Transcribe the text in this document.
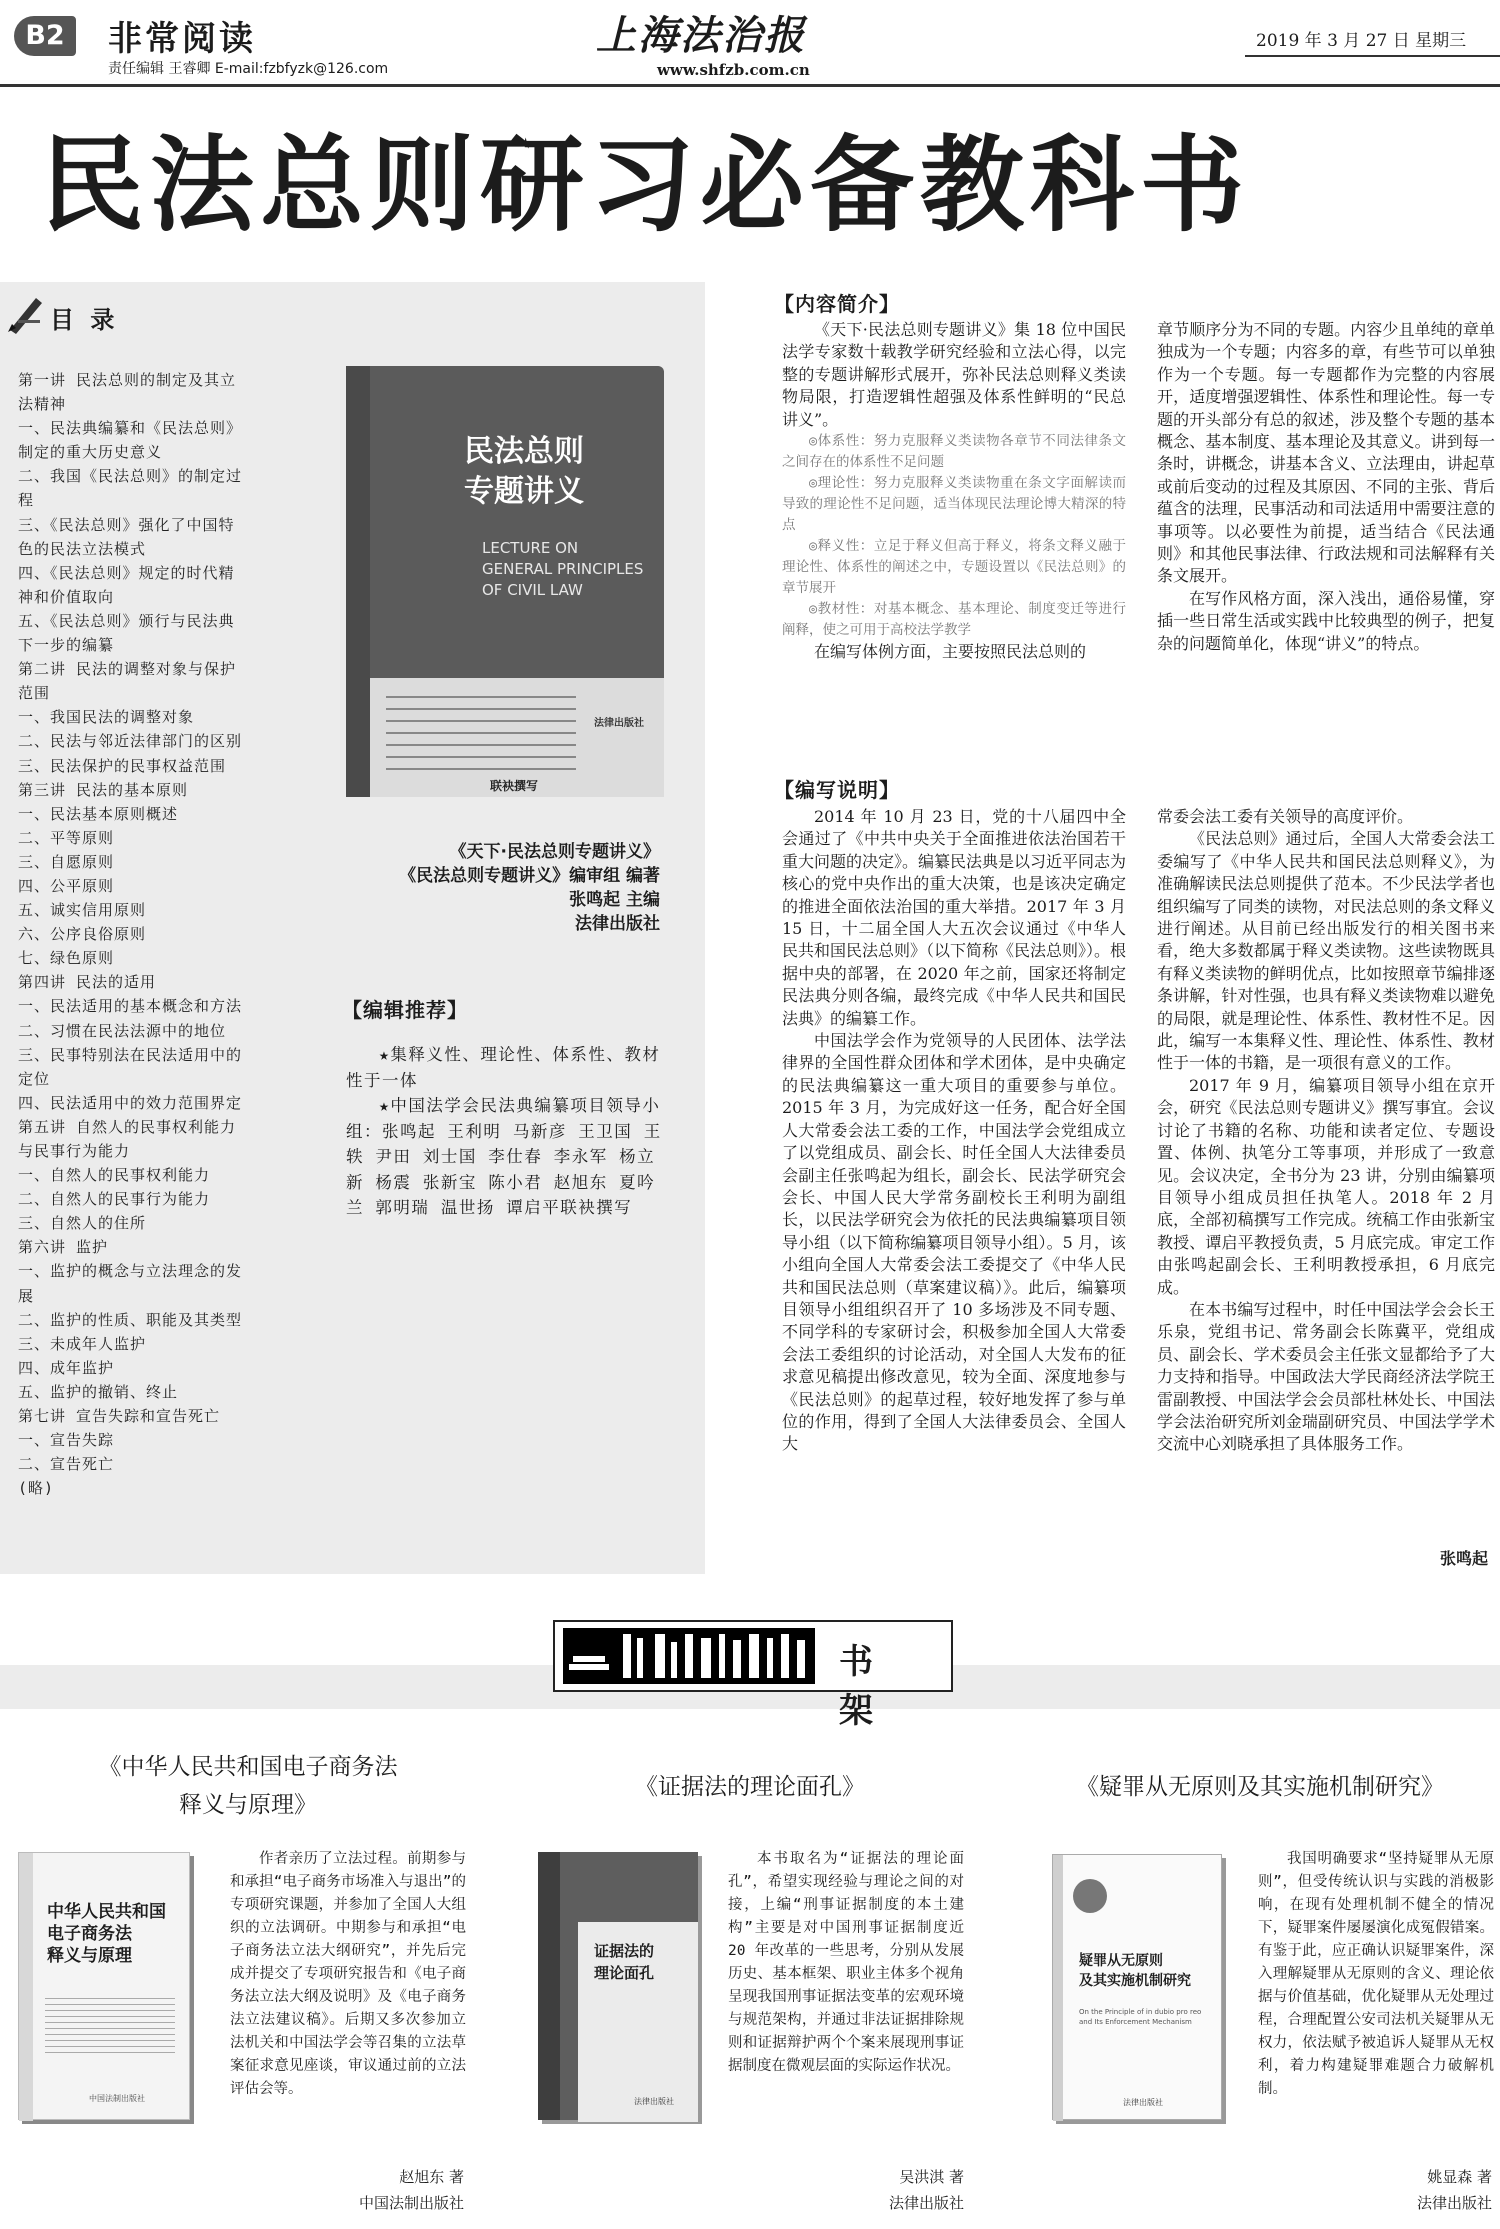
B2	非常阅读
责任编辑 王睿卿 E-mail:fzbfyzk@126.com
上海法治报
www.shfzb.com.cn
2019 年 3 月 27 日 星期三
民法总则研习必备教科书
目 录
第一讲 民法总则的制定及其立
法精神
一、民法典编纂和《民法总则》
制定的重大历史意义
二、我国《民法总则》的制定过
程
三、《民法总则》强化了中国特
色的民法立法模式
四、《民法总则》规定的时代精
神和价值取向
五、《民法总则》颁行与民法典
下一步的编纂
第二讲 民法的调整对象与保护
范围
一、我国民法的调整对象
二、民法与邻近法律部门的区别
三、民法保护的民事权益范围
第三讲 民法的基本原则
一、民法基本原则概述
二、平等原则
三、自愿原则
四、公平原则
五、诚实信用原则
六、公序良俗原则
七、绿色原则
第四讲 民法的适用
一、民法适用的基本概念和方法
二、习惯在民法法源中的地位
三、民事特别法在民法适用中的
定位
四、民法适用中的效力范围界定
第五讲 自然人的民事权利能力
与民事行为能力
一、自然人的民事权利能力
二、自然人的民事行为能力
三、自然人的住所
第六讲 监护
一、监护的概念与立法理念的发
展
二、监护的性质、职能及其类型
三、未成年人监护
四、成年监护
五、监护的撤销、终止
第七讲 宣告失踪和宣告死亡
一、宣告失踪
二、宣告死亡
(略)
民法总则
专题讲义
LECTURE ON
GENERAL PRINCIPLES
OF CIVIL LAW
法律出版社
联袂撰写
《天下·民法总则专题讲义》
《民法总则专题讲义》编审组 编著
张鸣起 主编
法律出版社
【编辑推荐】

★集释义性、理论性、体系性、教材性于一体

★中国法学会民法典编纂项目领导小组：张鸣起 王利明 马新彦 王卫国 王轶 尹田 刘士国 李仕春 李永军 杨立新 杨震 张新宝 陈小君 赵旭东 夏吟兰 郭明瑞 温世扬 谭启平联袂撰写

【内容简介】

《天下·民法总则专题讲义》集 18 位中国民法学专家数十载教学研究经验和立法心得，以完整的专题讲解形式展开，弥补民法总则释义类读物局限，打造逻辑性超强及体系性鲜明的“民总讲义”。

◎体系性：努力克服释义类读物各章节不同法律条文之间存在的体系性不足问题
◎理论性：努力克服释义类读物重在条文字面解读而导致的理论性不足问题，适当体现民法理论博大精深的特点
◎释义性：立足于释义但高于释义，将条文释义融于理论性、体系性的阐述之中，专题设置以《民法总则》的章节展开
◎教材性：对基本概念、基本理论、制度变迁等进行阐释，使之可用于高校法学教学

在编写体例方面，主要按照民法总则的

章节顺序分为不同的专题。内容少且单纯的章单独成为一个专题；内容多的章，有些节可以单独作为一个专题。每一专题都作为完整的内容展开，适度增强逻辑性、体系性和理论性。每一专题的开头部分有总的叙述，涉及整个专题的基本概念、基本制度、基本理论及其意义。讲到每一条时，讲概念，讲基本含义、立法理由，讲起草或前后变动的过程及其原因、不同的主张、背后蕴含的法理，民事活动和司法适用中需要注意的事项等。以必要性为前提，适当结合《民法通则》和其他民事法律、行政法规和司法解释有关条文展开。

在写作风格方面，深入浅出，通俗易懂，穿插一些日常生活或实践中比较典型的例子，把复杂的问题简单化，体现“讲义”的特点。

【编写说明】

2014 年 10 月 23 日，党的十八届四中全会通过了《中共中央关于全面推进依法治国若干重大问题的决定》。编纂民法典是以习近平同志为核心的党中央作出的重大决策，也是该决定确定的推进全面依法治国的重大举措。2017 年 3 月 15 日，十二届全国人大五次会议通过《中华人民共和国民法总则》（以下简称《民法总则》）。根据中央的部署，在 2020 年之前，国家还将制定民法典分则各编，最终完成《中华人民共和国民法典》的编纂工作。

中国法学会作为党领导的人民团体、法学法律界的全国性群众团体和学术团体，是中央确定的民法典编纂这一重大项目的重要参与单位。2015 年 3 月，为完成好这一任务，配合好全国人大常委会法工委的工作，中国法学会党组成立了以党组成员、副会长、时任全国人大法律委员会副主任张鸣起为组长，副会长、民法学研究会会长、中国人民大学常务副校长王利明为副组长，以民法学研究会为依托的民法典编纂项目领导小组（以下简称编纂项目领导小组）。5 月，该小组向全国人大常委会法工委提交了《中华人民共和国民法总则（草案建议稿）》。此后，编纂项目领导小组组织召开了 10 多场涉及不同专题、不同学科的专家研讨会，积极参加全国人大常委会法工委组织的讨论活动，对全国人大发布的征求意见稿提出修改意见，较为全面、深度地参与《民法总则》的起草过程，较好地发挥了参与单位的作用，得到了全国人大法律委员会、全国人大

常委会法工委有关领导的高度评价。

《民法总则》通过后，全国人大常委会法工委编写了《中华人民共和国民法总则释义》，为准确解读民法总则提供了范本。不少民法学者也组织编写了同类的读物，对民法总则的条文释义进行阐述。从目前已经出版发行的相关图书来看，绝大多数都属于释义类读物。这些读物既具有释义类读物的鲜明优点，比如按照章节编排逐条讲解，针对性强，也具有释义类读物难以避免的局限，就是理论性、体系性、教材性不足。因此，编写一本集释义性、理论性、体系性、教材性于一体的书籍，是一项很有意义的工作。

2017 年 9 月，编纂项目领导小组在京开会，研究《民法总则专题讲义》撰写事宜。会议讨论了书籍的名称、功能和读者定位、专题设置、体例、执笔分工等事项，并形成了一致意见。会议决定，全书分为 23 讲，分别由编纂项目领导小组成员担任执笔人。2018 年 2 月底，全部初稿撰写工作完成。统稿工作由张新宝教授、谭启平教授负责，5 月底完成。审定工作由张鸣起副会长、王利明教授承担，6 月底完成。

在本书编写过程中，时任中国法学会会长王乐泉，党组书记、常务副会长陈冀平，党组成员、副会长、学术委员会主任张文显都给予了大力支持和指导。中国政法大学民商经济法学院王雷副教授、中国法学会会员部杜林处长、中国法学会法治研究所刘金瑞副研究员、中国法学学术交流中心刘晓承担了具体服务工作。

张鸣起
书 架
《中华人民共和国电子商务法
释义与原理》
中华人民共和国
电子商务法
释义与原理
中国法制出版社
作者亲历了立法过程。前期参与和承担“电子商务市场准入与退出”的专项研究课题，并参加了全国人大组织的立法调研。中期参与和承担“电子商务法立法大纲研究”，并先后完成并提交了专项研究报告和《电子商务法立法大纲及说明》及《电子商务法立法建议稿》。后期又多次参加立法机关和中国法学会等召集的立法草案征求意见座谈，审议通过前的立法评估会等。
赵旭东 著
中国法制出版社
《证据法的理论面孔》
证据法的
理论面孔
法律出版社
本书取名为“证据法的理论面孔”，希望实现经验与理论之间的对接，上编“刑事证据制度的本土建构”主要是对中国刑事证据制度近 20 年改革的一些思考，分别从发展历史、基本框架、职业主体多个视角呈现我国刑事证据法变革的宏观环境与规范架构，并通过非法证据排除规则和证据辩护两个个案来展现刑事证据制度在微观层面的实际运作状况。
吴洪淇 著
法律出版社
《疑罪从无原则及其实施机制研究》
疑罪从无原则
及其实施机制研究
On the Principle of in dubio pro reo
and Its Enforcement Mechanism
法律出版社
我国明确要求“坚持疑罪从无原则”，但受传统认识与实践的消极影响，在现有处理机制不健全的情况下，疑罪案件屡屡演化成冤假错案。有鉴于此，应正确认识疑罪案件，深入理解疑罪从无原则的含义、理论依据与价值基础，优化疑罪从无处理过程，合理配置公安司法机关疑罪从无权力，依法赋予被追诉人疑罪从无权利，着力构建疑罪难题合力破解机制。
姚显森 著
法律出版社
